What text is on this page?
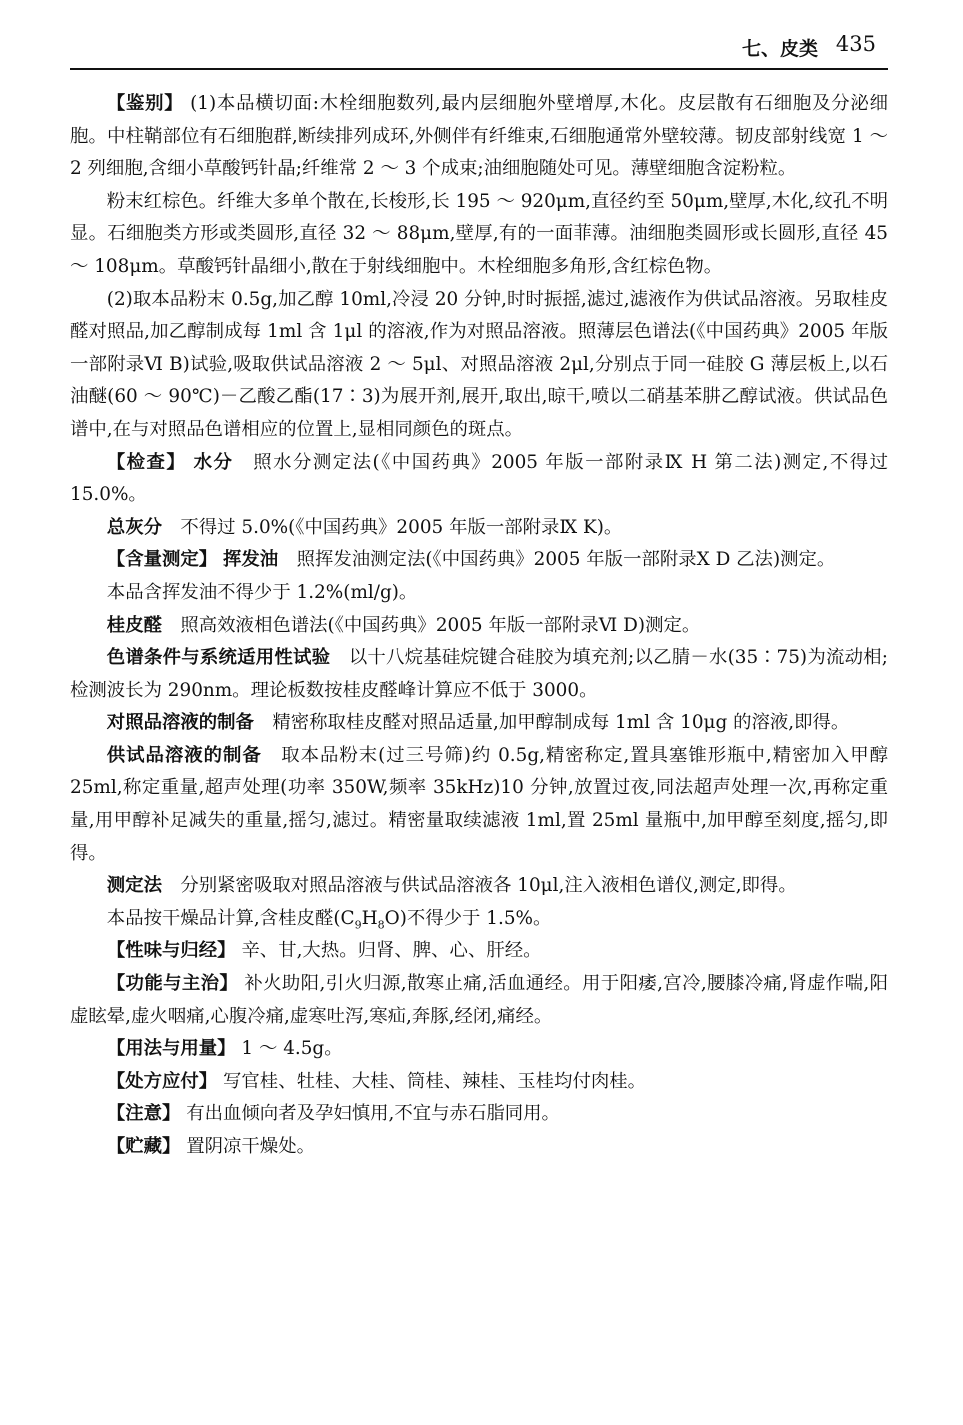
七、皮类 435

【鉴别】 (1)本品横切面:木栓细胞数列,最内层细胞外壁增厚,木化。皮层散有石细胞及分泌细胞。中柱鞘部位有石细胞群,断续排列成环,外侧伴有纤维束,石细胞通常外壁较薄。韧皮部射线宽 1 ～ 2 列细胞,含细小草酸钙针晶;纤维常 2 ～ 3 个成束;油细胞随处可见。薄壁细胞含淀粉粒。

粉末红棕色。纤维大多单个散在,长梭形,长 195 ～ 920μm,直径约至 50μm,壁厚,木化,纹孔不明显。石细胞类方形或类圆形,直径 32 ～ 88μm,壁厚,有的一面菲薄。油细胞类圆形或长圆形,直径 45 ～ 108μm。草酸钙针晶细小,散在于射线细胞中。木栓细胞多角形,含红棕色物。

(2)取本品粉末 0.5g,加乙醇 10ml,冷浸 20 分钟,时时振摇,滤过,滤液作为供试品溶液。另取桂皮醛对照品,加乙醇制成每 1ml 含 1μl 的溶液,作为对照品溶液。照薄层色谱法(《中国药典》2005 年版一部附录Ⅵ B)试验,吸取供试品溶液 2 ～ 5μl、对照品溶液 2μl,分别点于同一硅胶 G 薄层板上,以石油醚(60 ～ 90℃)－乙酸乙酯(17∶3)为展开剂,展开,取出,晾干,喷以二硝基苯肼乙醇试液。供试品色谱中,在与对照品色谱相应的位置上,显相同颜色的斑点。

【检查】 水分 照水分测定法(《中国药典》2005 年版一部附录Ⅸ H 第二法)测定,不得过 15.0%。

总灰分 不得过 5.0%(《中国药典》2005 年版一部附录Ⅸ K)。

【含量测定】 挥发油 照挥发油测定法(《中国药典》2005 年版一部附录Ⅹ D 乙法)测定。

本品含挥发油不得少于 1.2%(ml/g)。

桂皮醛 照高效液相色谱法(《中国药典》2005 年版一部附录Ⅵ D)测定。

色谱条件与系统适用性试验 以十八烷基硅烷键合硅胶为填充剂;以乙腈－水(35∶75)为流动相;检测波长为 290nm。理论板数按桂皮醛峰计算应不低于 3000。

对照品溶液的制备 精密称取桂皮醛对照品适量,加甲醇制成每 1ml 含 10μg 的溶液,即得。

供试品溶液的制备 取本品粉末(过三号筛)约 0.5g,精密称定,置具塞锥形瓶中,精密加入甲醇 25ml,称定重量,超声处理(功率 350W,频率 35kHz)10 分钟,放置过夜,同法超声处理一次,再称定重量,用甲醇补足减失的重量,摇匀,滤过。精密量取续滤液 1ml,置 25ml 量瓶中,加甲醇至刻度,摇匀,即得。

测定法 分别紧密吸取对照品溶液与供试品溶液各 10μl,注入液相色谱仪,测定,即得。

本品按干燥品计算,含桂皮醛$(C_9H_8O)$不得少于 1.5%。

【性味与归经】 辛、甘,大热。归肾、脾、心、肝经。

【功能与主治】 补火助阳,引火归源,散寒止痛,活血通经。用于阳痿,宫冷,腰膝冷痛,肾虚作喘,阳虚眩晕,虚火咽痛,心腹冷痛,虚寒吐泻,寒疝,奔豚,经闭,痛经。

【用法与用量】 1 ～ 4.5g。

【处方应付】 写官桂、牡桂、大桂、筒桂、辣桂、玉桂均付肉桂。

【注意】 有出血倾向者及孕妇慎用,不宜与赤石脂同用。

【贮藏】 置阴凉干燥处。
